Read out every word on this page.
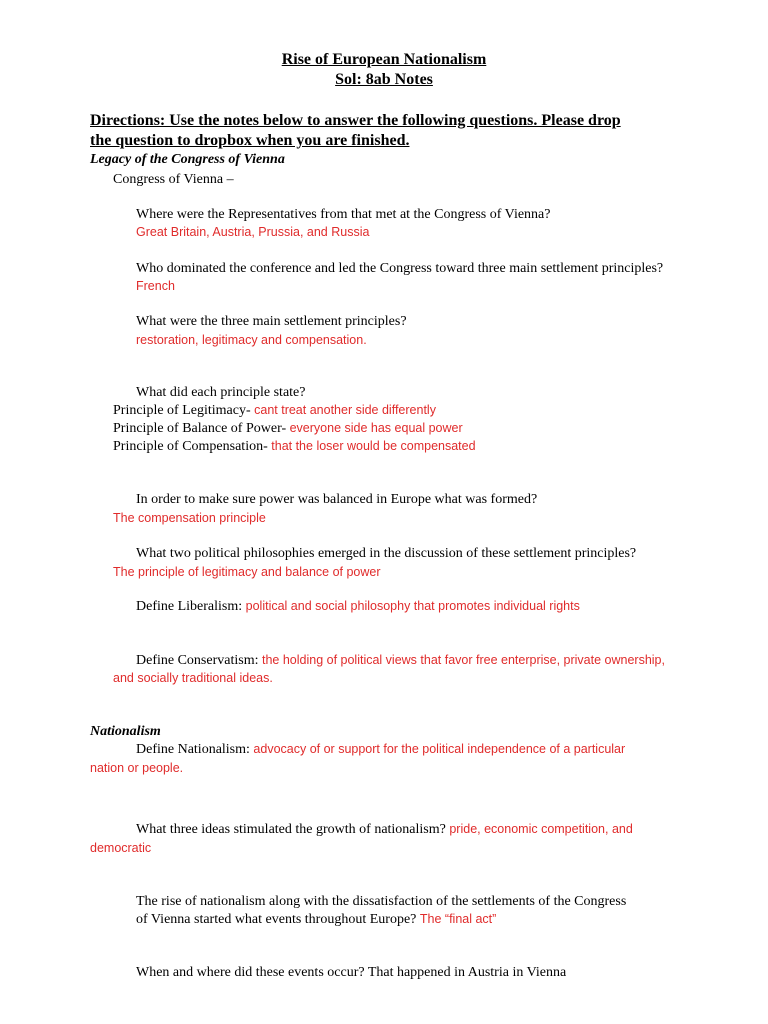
Rise of European Nationalism
Sol: 8ab Notes
Directions: Use the notes below to answer the following questions. Please drop
the question to dropbox when you are finished.
Legacy of the Congress of Vienna
Congress of Vienna –
Where were the Representatives from that met at the Congress of Vienna?
Great Britain, Austria, Prussia, and Russia
Who dominated the conference and led the Congress toward three main settlement principles?
French
What were the three main settlement principles?
restoration, legitimacy and compensation.
What did each principle state?
Principle of Legitimacy- cant treat another side differently
Principle of Balance of Power- everyone side has equal power
Principle of Compensation- that the loser would be compensated
In order to make sure power was balanced in Europe what was formed?
The compensation principle
What two political philosophies emerged in the discussion of these settlement principles?
The principle of legitimacy and balance of power
Define Liberalism: political and social philosophy that promotes individual rights
Define Conservatism: the holding of political views that favor free enterprise, private ownership,
and socially traditional ideas.
Nationalism
Define Nationalism: advocacy of or support for the political independence of a particular
nation or people.
What three ideas stimulated the growth of nationalism? pride, economic competition, and
democratic
The rise of nationalism along with the dissatisfaction of the settlements of the Congress
of Vienna started what events throughout Europe? The “final act”
When and where did these events occur? That happened in Austria in Vienna
